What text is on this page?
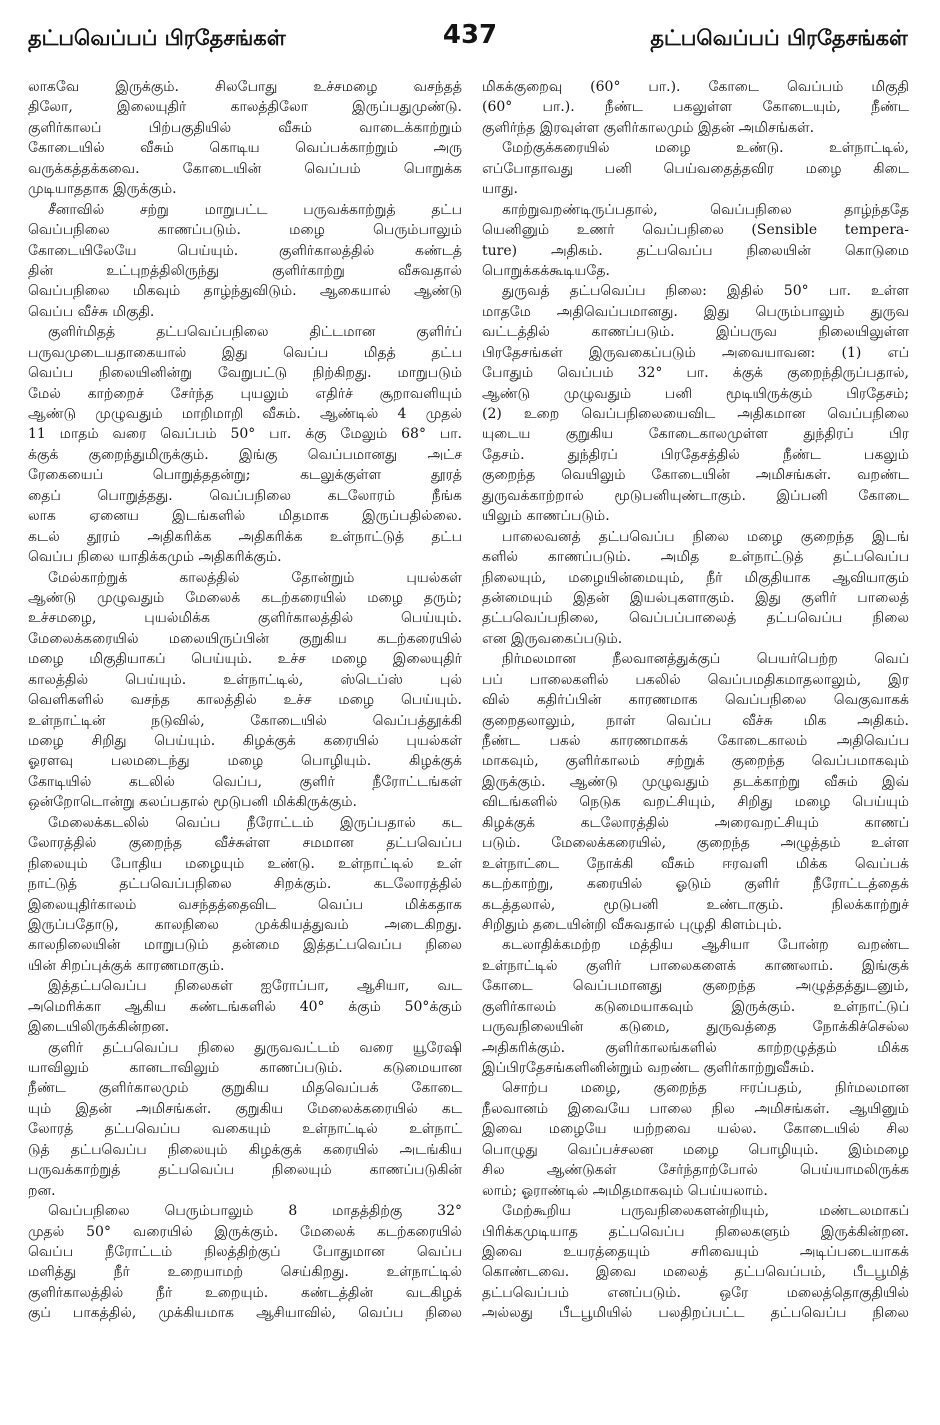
தட்பவெப்பப் பிரதேசங்கள்	437	தட்பவெப்பப் பிரதேசங்கள்
லாகவே இருக்கும். சிலபோது உச்சமழை வசந்தத்
திலோ, இலையுதிர் காலத்திலோ இருப்பதுமுண்டு.
குளிர்காலப் பிற்பகுதியில் வீசும் வாடைக்காற்றும்
கோடையில் வீசும் கொடிய வெப்பக்காற்றும் அரு
வருக்கத்தக்கவை. கோடையின் வெப்பம் பொறுக்க
முடியாததாக இருக்கும்.
சீனாவில் சற்று மாறுபட்ட பருவக்காற்றுத் தட்ப
வெப்பநிலை காணப்படும். மழை பெரும்பாலும்
கோடையிலேயே பெய்யும். குளிர்காலத்தில் கண்டத்
தின் உட்புறத்திலிருந்து குளிர்காற்று வீசுவதால்
வெப்பநிலை மிகவும் தாழ்ந்துவிடும். ஆகையால் ஆண்டு
வெப்ப வீச்சு மிகுதி.
குளிர்மிதத் தட்பவெப்பநிலை திட்டமான குளிர்ப்
பருவமுடையதாகையால் இது வெப்ப மிதத் தட்ப
வெப்ப நிலையினின்று வேறுபட்டு நிற்கிறது. மாறுபடும்
மேல் காற்றைச் சேர்ந்த புயலும் எதிர்ச் சூறாவளியும்
ஆண்டு முழுவதும் மாறிமாறி வீசும். ஆண்டில் 4 முதல்
11 மாதம் வரை வெப்பம் 50° பா. க்கு மேலும் 68° பா.
க்குக் குறைந்துமிருக்கும். இங்கு வெப்பமானது அட்ச
ரேகையைப் பொறுத்ததன்று; கடலுக்குள்ள தூரத்
தைப் பொறுத்தது. வெப்பநிலை கடலோரம் நீங்க
லாக ஏனைய இடங்களில் மிதமாக இருப்பதில்லை.
கடல் தூரம் அதிகரிக்க அதிகரிக்க உள்நாட்டுத் தட்ப
வெப்ப நிலை யாதிக்கமும் அதிகரிக்கும்.
மேல்காற்றுக் காலத்தில் தோன்றும் புயல்கள்
ஆண்டு முழுவதும் மேலைக் கடற்கரையில் மழை தரும்;
உச்சமழை, புயல்மிக்க குளிர்காலத்தில் பெய்யும்.
மேலைக்கரையில் மலையிருப்பின் குறுகிய கடற்கரையில்
மழை மிகுதியாகப் பெய்யும். உச்ச மழை இலையுதிர்
காலத்தில் பெய்யும். உள்நாட்டில், ஸ்டெப்ஸ் புல்
வெளிகளில் வசந்த காலத்தில் உச்ச மழை பெய்யும்.
உள்நாட்டின் நடுவில், கோடையில் வெப்பத்தூக்கி
மழை சிறிது பெய்யும். கிழக்குக் கரையில் புயல்கள்
ஓரளவு பலமடைந்து மழை பொழியும். கிழக்குக்
கோடியில் கடலில் வெப்ப, குளிர் நீரோட்டங்கள்
ஒன்றோடொன்று கலப்பதால் மூடுபனி மிக்கிருக்கும்.
மேலைக்கடலில் வெப்ப நீரோட்டம் இருப்பதால் கட
லோரத்தில் குறைந்த வீச்சுள்ள சமமான தட்பவெப்ப
நிலையும் போதிய மழையும் உண்டு. உள்நாட்டில் உள்
நாட்டுத் தட்பவெப்பநிலை சிறக்கும். கடலோரத்தில்
இலையுதிர்காலம் வசந்தத்தைவிட வெப்ப மிக்கதாக
இருப்பதோடு, காலநிலை முக்கியத்துவம் அடைகிறது.
காலநிலையின் மாறுபடும் தன்மை இத்தட்பவெப்ப நிலை
யின் சிறப்புக்குக் காரணமாகும்.
இத்தட்பவெப்ப நிலைகள் ஐரோப்பா, ஆசியா, வட
அமெரிக்கா ஆகிய கண்டங்களில் 40° க்கும் 50°க்கும்
இடையிலிருக்கின்றன.
குளிர் தட்பவெப்ப நிலை துருவவட்டம் வரை யூரேஷி
யாவிலும் கானடாவிலும் காணப்படும். கடுமையான
நீண்ட குளிர்காலமும் குறுகிய மிதவெப்பக் கோடை
யும் இதன் அமிசங்கள். குறுகிய மேலைக்கரையில் கட
லோரத் தட்பவெப்ப வகையும் உள்நாட்டில் உள்நாட்
டுத் தட்பவெப்ப நிலையும் கிழக்குக் கரையில் அடங்கிய
பருவக்காற்றுத் தட்பவெப்ப நிலையும் காணப்படுகின்
றன.
வெப்பநிலை பெரும்பாலும் 8 மாதத்திற்கு 32°
முதல் 50° வரையில் இருக்கும். மேலைக் கடற்கரையில்
வெப்ப நீரோட்டம் நிலத்திற்குப் போதுமான வெப்ப
மளித்து நீர் உறையாமற் செய்கிறது. உள்நாட்டில்
குளிர்காலத்தில் நீர் உறையும். கண்டத்தின் வடகிழக்
குப் பாகத்தில், முக்கியமாக ஆசியாவில், வெப்ப நிலை
மிகக்குறைவு (60° பா.). கோடை வெப்பம் மிகுதி
(60° பா.). நீண்ட பகலுள்ள கோடையும், நீண்ட
குளிர்ந்த இரவுள்ள குளிர்காலமும் இதன் அமிசங்கள்.
மேற்குக்கரையில் மழை உண்டு. உள்நாட்டில்,
எப்போதாவது பனி பெய்வதைத்தவிர மழை கிடை
யாது.
காற்றுவறண்டிருப்பதால், வெப்பநிலை தாழ்ந்ததே
யெனினும் உணர் வெப்பநிலை (Sensible tempera-
ture) அதிகம். தட்பவெப்ப நிலையின் கொடுமை
பொறுக்கக்கூடியதே.
துருவத் தட்பவெப்ப நிலை: இதில் 50° பா. உள்ள
மாதமே அதிவெப்பமானது. இது பெரும்பாலும் துருவ
வட்டத்தில் காணப்படும். இப்பருவ நிலையிலுள்ள
பிரதேசங்கள் இருவகைப்படும் அவையாவன: (1) எப்
போதும் வெப்பம் 32° பா. க்குக் குறைந்திருப்பதால்,
ஆண்டு முழுவதும் பனி மூடியிருக்கும் பிரதேசம்;
(2) உறை வெப்பநிலையைவிட அதிகமான வெப்பநிலை
யுடைய குறுகிய கோடைகாலமுள்ள துந்திரப் பிர
தேசம். துந்திரப் பிரதேசத்தில் நீண்ட பகலும்
குறைந்த வெயிலும் கோடையின் அமிசங்கள். வறண்ட
துருவக்காற்றால் மூடுபனியுண்டாகும். இப்பனி கோடை
யிலும் காணப்படும்.
பாலைவனத் தட்பவெப்ப நிலை மழை குறைந்த இடங்
களில் காணப்படும். அமித உள்நாட்டுத் தட்பவெப்ப
நிலையும், மழையின்மையும், நீர் மிகுதியாக ஆவியாகும்
தன்மையும் இதன் இயல்புகளாகும். இது குளிர் பாலைத்
தட்பவெப்பநிலை, வெப்பப்பாலைத் தட்பவெப்ப நிலை
என இருவகைப்படும்.
நிர்மலமான நீலவானத்துக்குப் பெயர்பெற்ற வெப்
பப் பாலைகளில் பகலில் வெப்பமதிகமாதலாலும், இர
வில் கதிர்ப்பின் காரணமாக வெப்பநிலை வெகுவாகக்
குறைதலாலும், நாள் வெப்ப வீச்சு மிக அதிகம்.
நீண்ட பகல் காரணமாகக் கோடைகாலம் அதிவெப்ப
மாகவும், குளிர்காலம் சற்றுக் குறைந்த வெப்பமாகவும்
இருக்கும். ஆண்டு முழுவதும் தடக்காற்று வீசும் இவ்
விடங்களில் நெடுக வறட்சியும், சிறிது மழை பெய்யும்
கிழக்குக் கடலோரத்தில் அரைவறட்சியும் காணப்
படும். மேலைக்கரையில், குறைந்த அழுத்தம் உள்ள
உள்நாட்டை நோக்கி வீசும் ஈரவளி மிக்க வெப்பக்
கடற்காற்று, கரையில் ஓடும் குளிர் நீரோட்டத்தைக்
கடத்தலால், மூடுபனி உண்டாகும். நிலக்காற்றுச்
சிறிதும் தடையின்றி வீசுவதால் புழுதி கிளம்பும்.
கடலாதிக்கமற்ற மத்திய ஆசியா போன்ற வறண்ட
உள்நாட்டில் குளிர் பாலைகளைக் காணலாம். இங்குக்
கோடை வெப்பமானது குறைந்த அழுத்தத்துடனும்,
குளிர்காலம் கடுமையாகவும் இருக்கும். உள்நாட்டுப்
பருவநிலையின் கடுமை, துருவத்தை நோக்கிச்செல்ல
அதிகரிக்கும். குளிர்காலங்களில் காற்றழுத்தம் மிக்க
இப்பிரதேசங்களினின்றும் வறண்ட குளிர்காற்றுவீசும்.
சொற்ப மழை, குறைந்த ஈரப்பதம், நிர்மலமான
நீலவானம் இவையே பாலை நில அமிசங்கள். ஆயினும்
இவை மழையே யற்றவை யல்ல. கோடையில் சில
பொழுது வெப்பச்சலன மழை பொழியும். இம்மழை
சில ஆண்டுகள் சேர்ந்தாற்போல் பெய்யாமலிருக்க
லாம்; ஓராண்டில் அமிதமாகவும் பெய்யலாம்.
மேற்கூறிய பருவநிலைகளன்றியும், மண்டலமாகப்
பிரிக்கமுடியாத தட்பவெப்ப நிலைகளும் இருக்கின்றன.
இவை உயரத்தையும் சரிவையும் அடிப்படையாகக்
கொண்டவை. இவை மலைத் தட்பவெப்பம், பீடபூமித்
தட்பவெப்பம் எனப்படும். ஒரே மலைத்தொகுதியில்
அல்லது பீடபூமியில் பலதிறப்பட்ட தட்பவெப்ப நிலை
